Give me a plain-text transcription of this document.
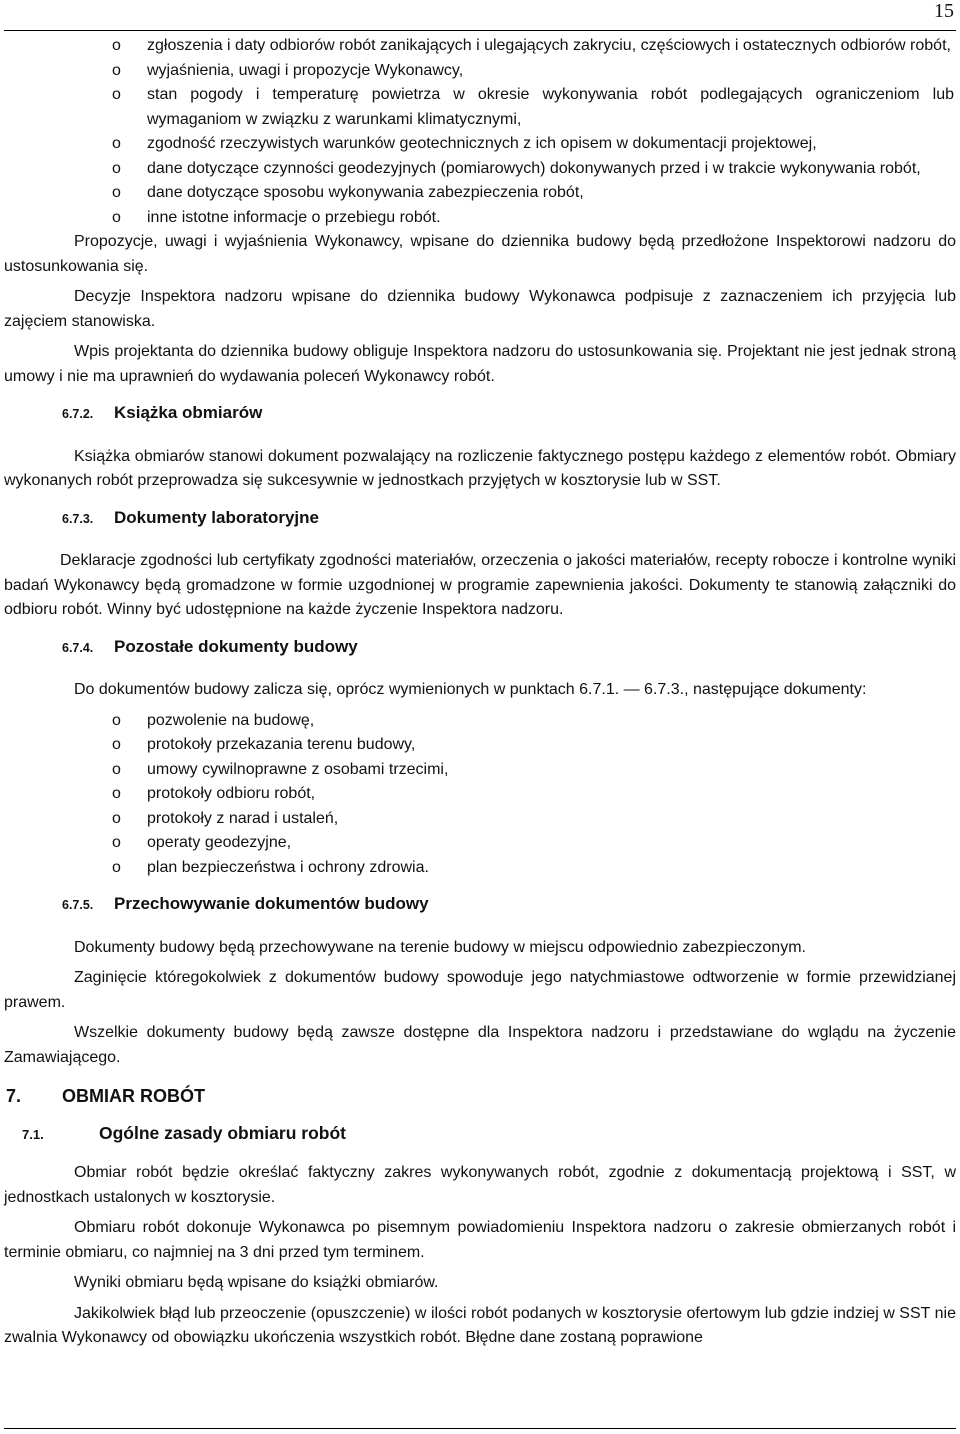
15
o zgłoszenia i daty odbiorów robót zanikających i ulegających zakryciu, częściowych i ostatecznych odbiorów robót,
o wyjaśnienia, uwagi i propozycje Wykonawcy,
o stan pogody i temperaturę powietrza w okresie wykonywania robót podlegających ograniczeniom lub wymaganiom w związku z warunkami klimatycznymi,
o zgodność rzeczywistych warunków geotechnicznych z ich opisem w dokumentacji projektowej,
o dane dotyczące czynności geodezyjnych (pomiarowych) dokonywanych przed i w trakcie wykonywania robót,
o dane dotyczące sposobu wykonywania zabezpieczenia robót,
o inne istotne informacje o przebiegu robót.

Propozycje, uwagi i wyjaśnienia Wykonawcy, wpisane do dziennika budowy będą przedłożone Inspektorowi nadzoru do ustosunkowania się.

Decyzje Inspektora nadzoru wpisane do dziennika budowy Wykonawca podpisuje z zaznaczeniem ich przyjęcia lub zajęciem stanowiska.

Wpis projektanta do dziennika budowy obliguje Inspektora nadzoru do ustosunkowania się. Projektant nie jest jednak stroną umowy i nie ma uprawnień do wydawania poleceń Wykonawcy robót.

6.7.2.	Książka obmiarów

Książka obmiarów stanowi dokument pozwalający na rozliczenie faktycznego postępu każdego z elementów robót. Obmiary wykonanych robót przeprowadza się sukcesywnie w jednostkach przyjętych w kosztorysie lub w SST.

6.7.3.	Dokumenty laboratoryjne

Deklaracje zgodności lub certyfikaty zgodności materiałów, orzeczenia o jakości materiałów, recepty robocze i kontrolne wyniki badań Wykonawcy będą gromadzone w formie uzgodnionej w programie zapewnienia jakości. Dokumenty te stanowią załączniki do odbioru robót. Winny być udostępnione na każde życzenie Inspektora nadzoru.

6.7.4.	Pozostałe dokumenty budowy

Do dokumentów budowy zalicza się, oprócz wymienionych w punktach 6.7.1. — 6.7.3., następujące dokumenty:

o pozwolenie na budowę,
o protokoły przekazania terenu budowy,
o umowy cywilnoprawne z osobami trzecimi,
o protokoły odbioru robót,
o protokoły z narad i ustaleń,
o operaty geodezyjne,
o plan bezpieczeństwa i ochrony zdrowia.
6.7.5.	Przechowywanie dokumentów budowy

Dokumenty budowy będą przechowywane na terenie budowy w miejscu odpowiednio zabezpieczonym.

Zaginięcie któregokolwiek z dokumentów budowy spowoduje jego natychmiastowe odtworzenie w formie przewidzianej prawem.

Wszelkie dokumenty budowy będą zawsze dostępne dla Inspektora nadzoru i przedstawiane do wglądu na życzenie Zamawiającego.

7.	OBMIAR ROBÓT
7.1.	Ogólne zasady obmiaru robót

Obmiar robót będzie określać faktyczny zakres wykonywanych robót, zgodnie z dokumentacją projektową i SST, w jednostkach ustalonych w kosztorysie.

Obmiaru robót dokonuje Wykonawca po pisemnym powiadomieniu Inspektora nadzoru o zakresie obmierzanych robót i terminie obmiaru, co najmniej na 3 dni przed tym terminem.

Wyniki obmiaru będą wpisane do książki obmiarów.

Jakikolwiek błąd lub przeoczenie (opuszczenie) w ilości robót podanych w kosztorysie ofertowym lub gdzie indziej w SST nie zwalnia Wykonawcy od obowiązku ukończenia wszystkich robót. Błędne dane zostaną poprawione
